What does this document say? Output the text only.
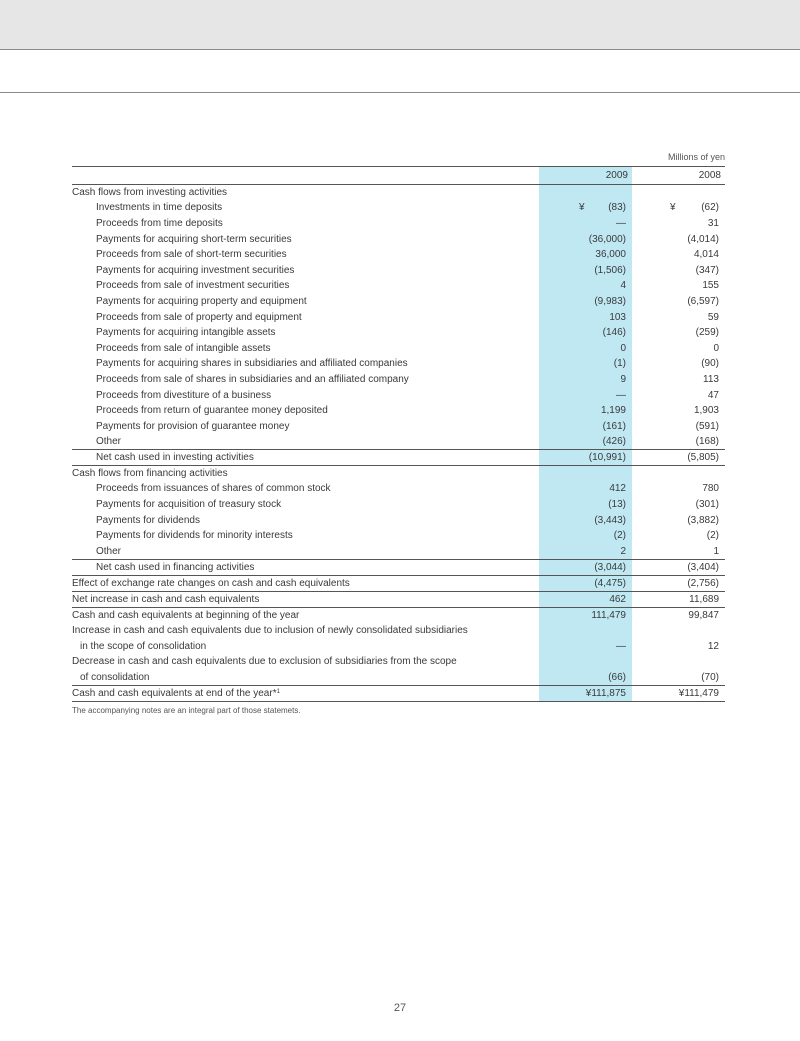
Millions of yen
	2009	2008
Cash flows from investing activities		
Investments in time deposits	¥ (83)	¥ (62)
Proceeds from time deposits	—	31
Payments for acquiring short-term securities	(36,000)	(4,014)
Proceeds from sale of short-term securities	36,000	4,014
Payments for acquiring investment securities	(1,506)	(347)
Proceeds from sale of investment securities	4	155
Payments for acquiring property and equipment	(9,983)	(6,597)
Proceeds from sale of property and equipment	103	59
Payments for acquiring intangible assets	(146)	(259)
Proceeds from sale of intangible assets	0	0
Payments for acquiring shares in subsidiaries and affiliated companies	(1)	(90)
Proceeds from sale of shares in subsidiaries and an affiliated company	9	113
Proceeds from divestiture of a business	—	47
Proceeds from return of guarantee money deposited	1,199	1,903
Payments for provision of guarantee money	(161)	(591)
Other	(426)	(168)
Net cash used in investing activities	(10,991)	(5,805)
Cash flows from financing activities		
Proceeds from issuances of shares of common stock	412	780
Payments for acquisition of treasury stock	(13)	(301)
Payments for dividends	(3,443)	(3,882)
Payments for dividends for minority interests	(2)	(2)
Other	2	1
Net cash used in financing activities	(3,044)	(3,404)
Effect of exchange rate changes on cash and cash equivalents	(4,475)	(2,756)
Net increase in cash and cash equivalents	462	11,689
Cash and cash equivalents at beginning of the year	111,479	99,847
Increase in cash and cash equivalents due to inclusion of newly consolidated subsidiaries		
in the scope of consolidation	—	12
Decrease in cash and cash equivalents due to exclusion of subsidiaries from the scope		
of consolidation	(66)	(70)
Cash and cash equivalents at end of the year*$^1$	¥111,875	¥111,479
The accompanying notes are an integral part of those statemets.
27
